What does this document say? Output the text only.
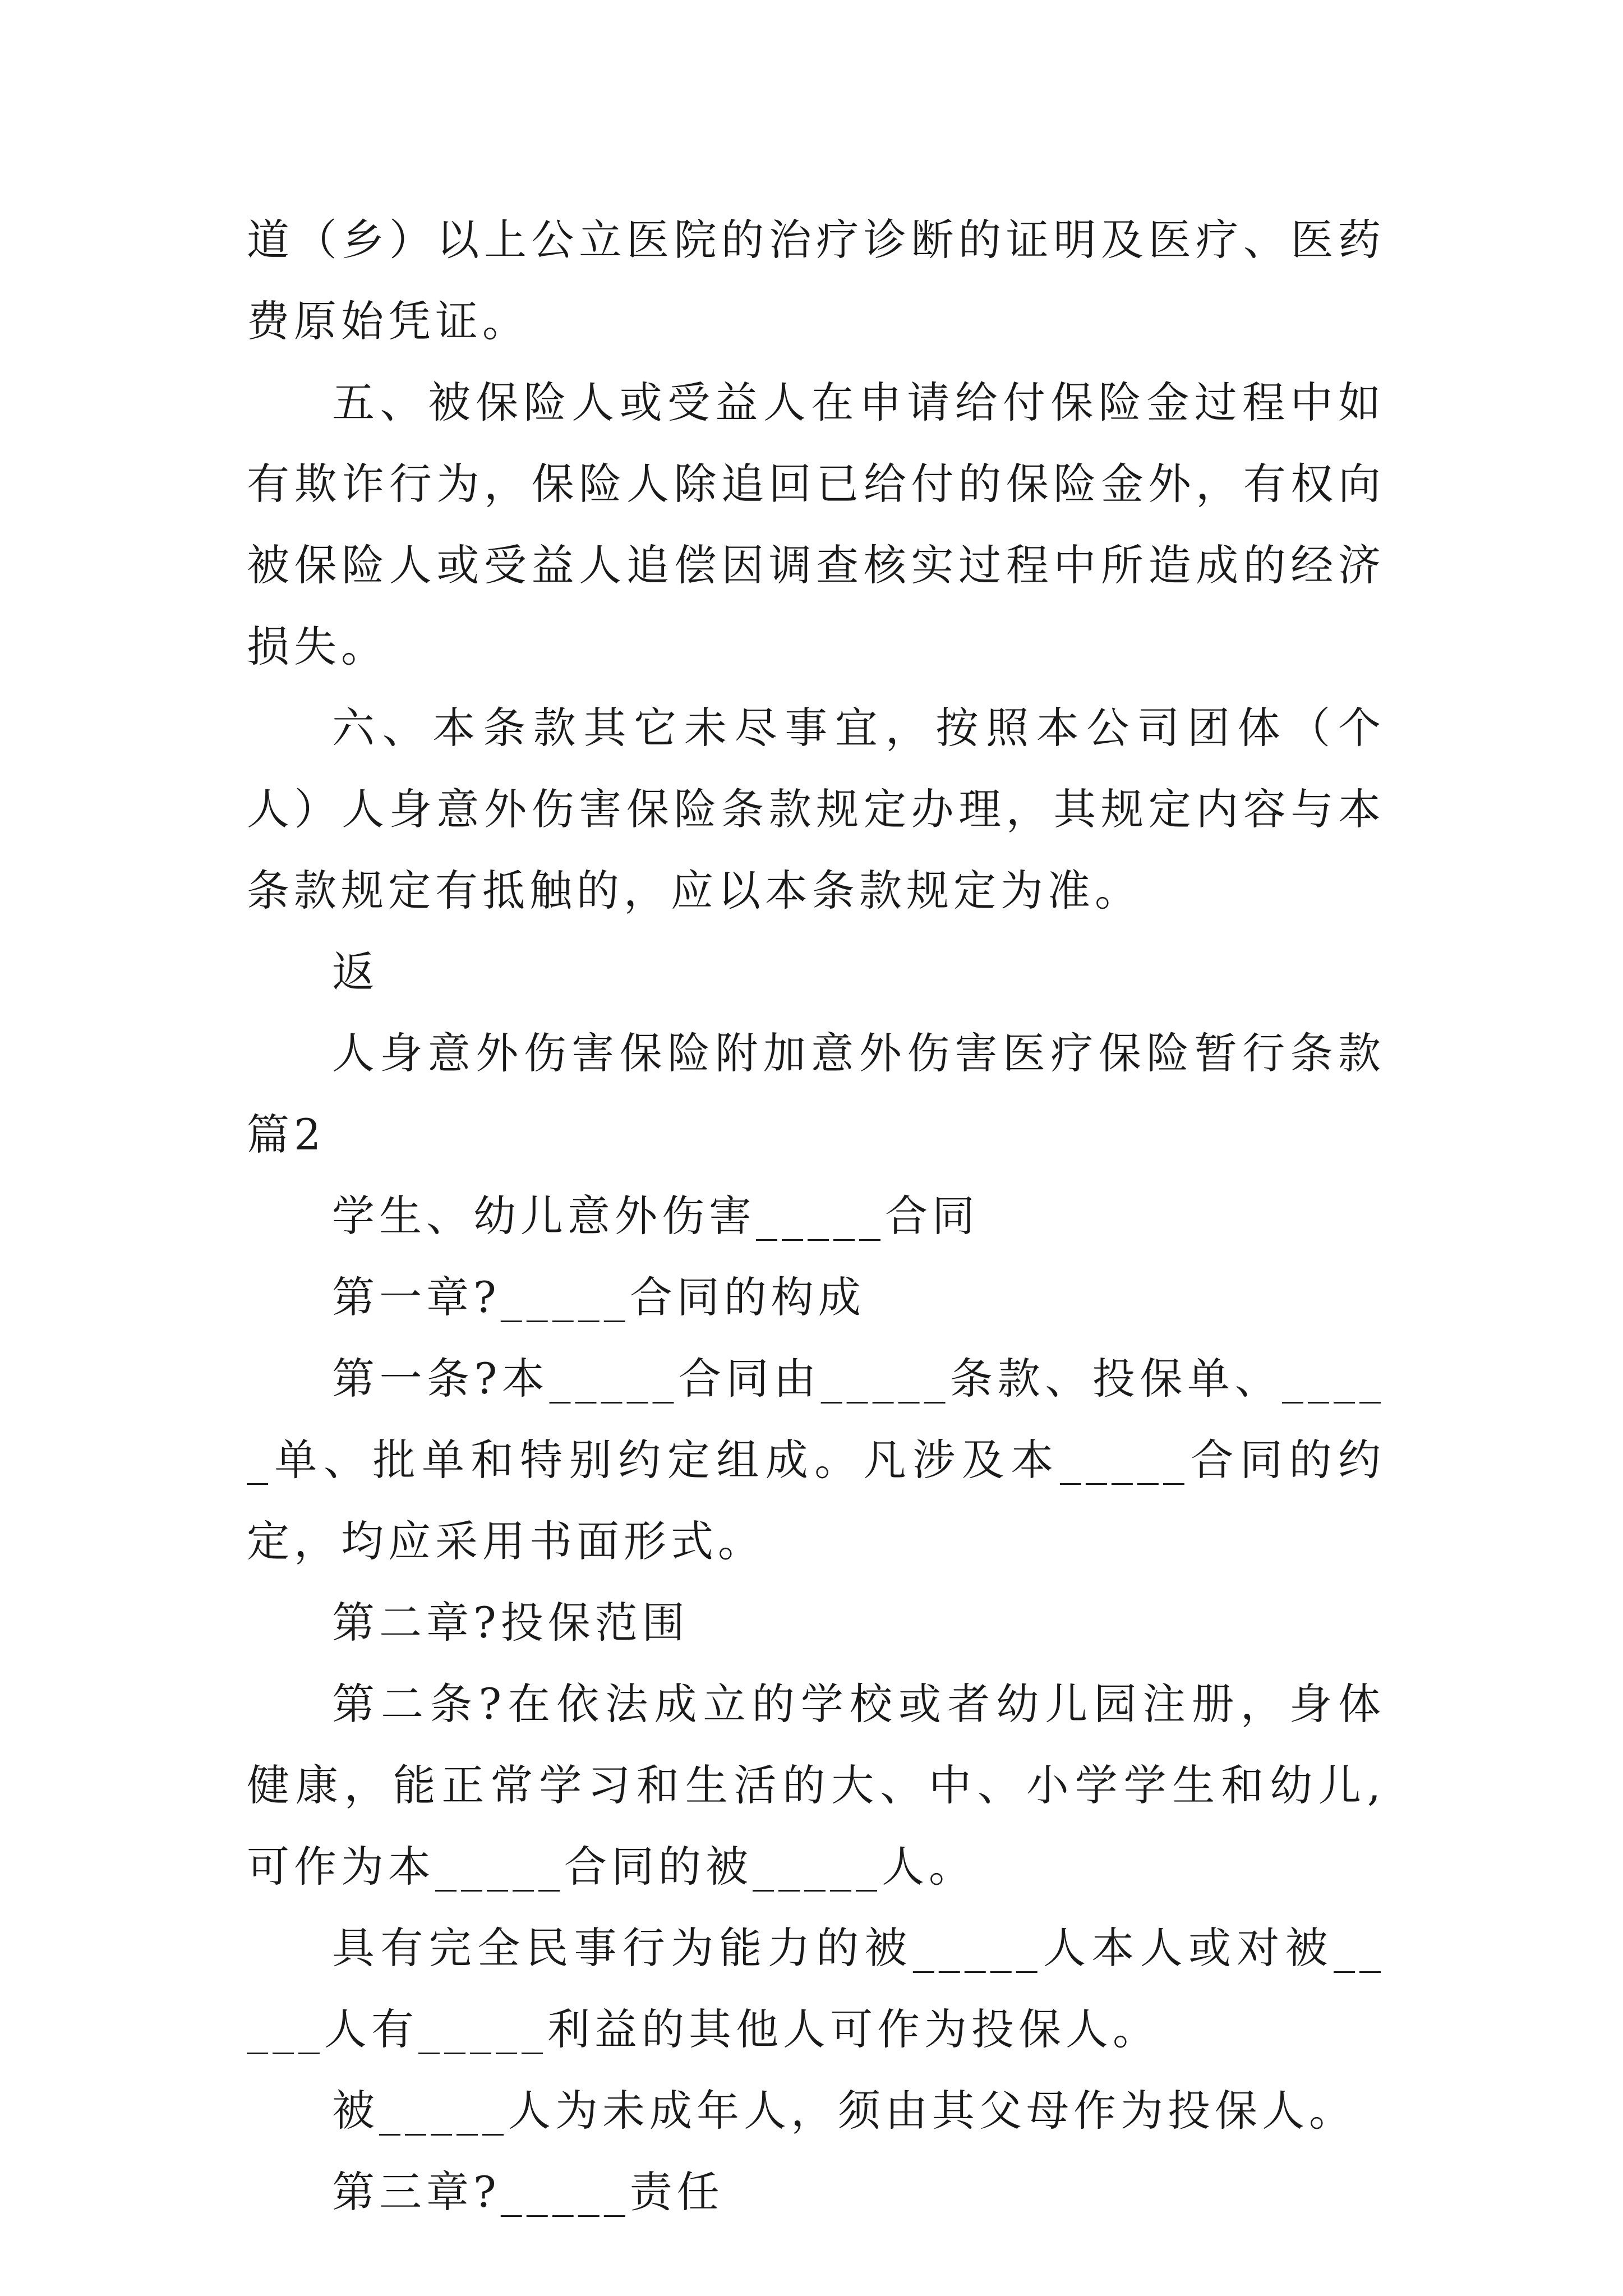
道（乡）以上公立医院的治疗诊断的证明及医疗、医药费原始凭证。

五、被保险人或受益人在申请给付保险金过程中如有欺诈行为，保险人除追回已给付的保险金外，有权向被保险人或受益人追偿因调查核实过程中所造成的经济损失。

六、本条款其它未尽事宜，按照本公司团体（个人）人身意外伤害保险条款规定办理，其规定内容与本条款规定有抵触的，应以本条款规定为准。

返

人身意外伤害保险附加意外伤害医疗保险暂行条款 篇2

学生、幼儿意外伤害_____合同

第一章?_____合同的构成

第一条?本_____合同由_____条款、投保单、_____单、批单和特别约定组成。凡涉及本_____合同的约定，均应采用书面形式。

第二章?投保范围

第二条?在依法成立的学校或者幼儿园注册，身体健康，能正常学习和生活的大、中、小学学生和幼儿,可作为本_____合同的被_____人。

具有完全民事行为能力的被_____人本人或对被_____人有_____利益的其他人可作为投保人。

被_____人为未成年人，须由其父母作为投保人。

第三章?_____责任
